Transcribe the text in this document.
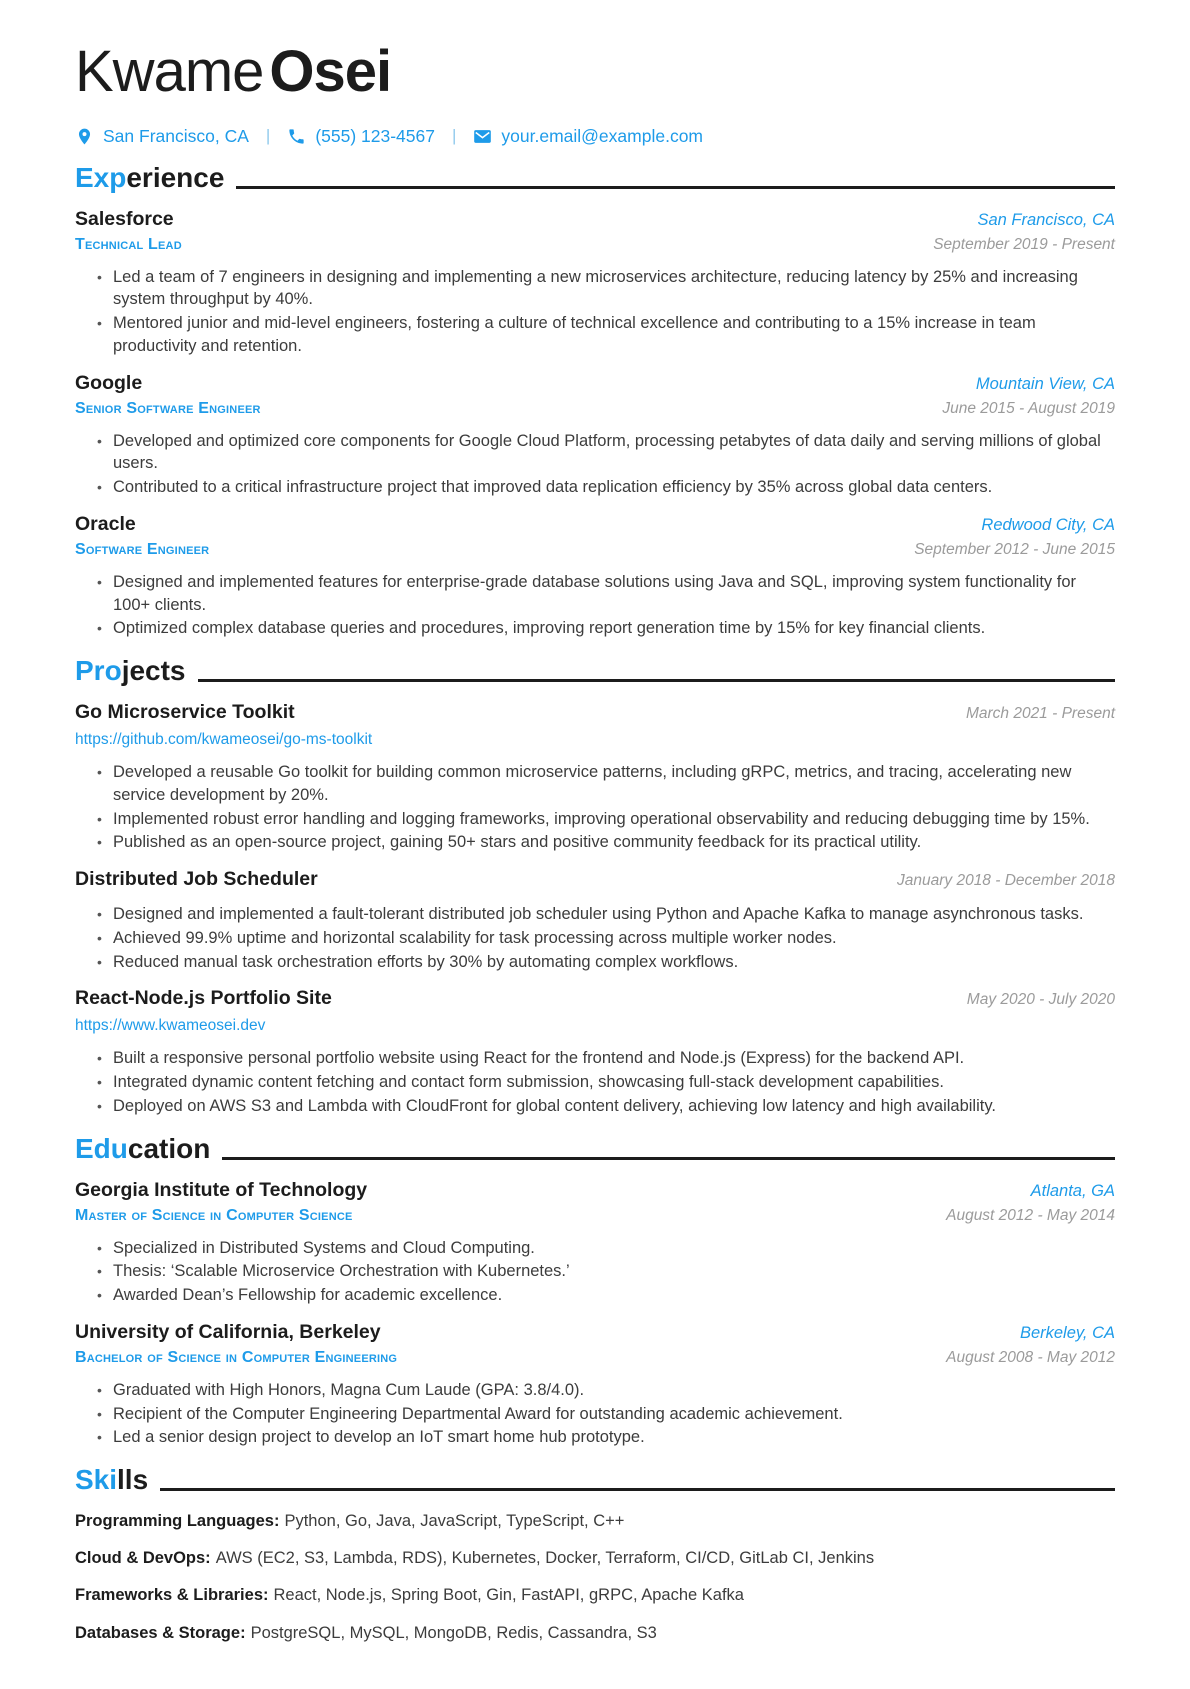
Kwame Osei
San Francisco, CA |	(555) 123-4567 |	your.email@example.com
Experience
Salesforce	San Francisco, CA
Technical Lead	September 2019 - Present
• Led a team of 7 engineers in designing and implementing a new microservices architecture, reducing latency by 25% and increasing system throughput by 40%.
• Mentored junior and mid-level engineers, fostering a culture of technical excellence and contributing to a 15% increase in team productivity and retention.
Google	Mountain View, CA
Senior Software Engineer	June 2015 - August 2019
• Developed and optimized core components for Google Cloud Platform, processing petabytes of data daily and serving millions of global users.
• Contributed to a critical infrastructure project that improved data replication efficiency by 35% across global data centers.
Oracle	Redwood City, CA
Software Engineer	September 2012 - June 2015
• Designed and implemented features for enterprise-grade database solutions using Java and SQL, improving system functionality for 100+ clients.
• Optimized complex database queries and procedures, improving report generation time by 15% for key financial clients.
Projects
Go Microservice Toolkit	March 2021 - Present
https://github.com/kwameosei/go-ms-toolkit
• Developed a reusable Go toolkit for building common microservice patterns, including gRPC, metrics, and tracing, accelerating new service development by 20%.
• Implemented robust error handling and logging frameworks, improving operational observability and reducing debugging time by 15%.
• Published as an open-source project, gaining 50+ stars and positive community feedback for its practical utility.
Distributed Job Scheduler	January 2018 - December 2018
• Designed and implemented a fault-tolerant distributed job scheduler using Python and Apache Kafka to manage asynchronous tasks.
• Achieved 99.9% uptime and horizontal scalability for task processing across multiple worker nodes.
• Reduced manual task orchestration efforts by 30% by automating complex workflows.
React-Node.js Portfolio Site	May 2020 - July 2020
https://www.kwameosei.dev
• Built a responsive personal portfolio website using React for the frontend and Node.js (Express) for the backend API.
• Integrated dynamic content fetching and contact form submission, showcasing full-stack development capabilities.
• Deployed on AWS S3 and Lambda with CloudFront for global content delivery, achieving low latency and high availability.
Education
Georgia Institute of Technology	Atlanta, GA
Master of Science in Computer Science	August 2012 - May 2014
• Specialized in Distributed Systems and Cloud Computing.
• Thesis: ‘Scalable Microservice Orchestration with Kubernetes.’
• Awarded Dean’s Fellowship for academic excellence.
University of California, Berkeley	Berkeley, CA
Bachelor of Science in Computer Engineering	August 2008 - May 2012
• Graduated with High Honors, Magna Cum Laude (GPA: 3.8/4.0).
• Recipient of the Computer Engineering Departmental Award for outstanding academic achievement.
• Led a senior design project to develop an IoT smart home hub prototype.
Skills
Programming Languages: Python, Go, Java, JavaScript, TypeScript, C++
Cloud & DevOps: AWS (EC2, S3, Lambda, RDS), Kubernetes, Docker, Terraform, CI/CD, GitLab CI, Jenkins
Frameworks & Libraries: React, Node.js, Spring Boot, Gin, FastAPI, gRPC, Apache Kafka
Databases & Storage: PostgreSQL, MySQL, MongoDB, Redis, Cassandra, S3
